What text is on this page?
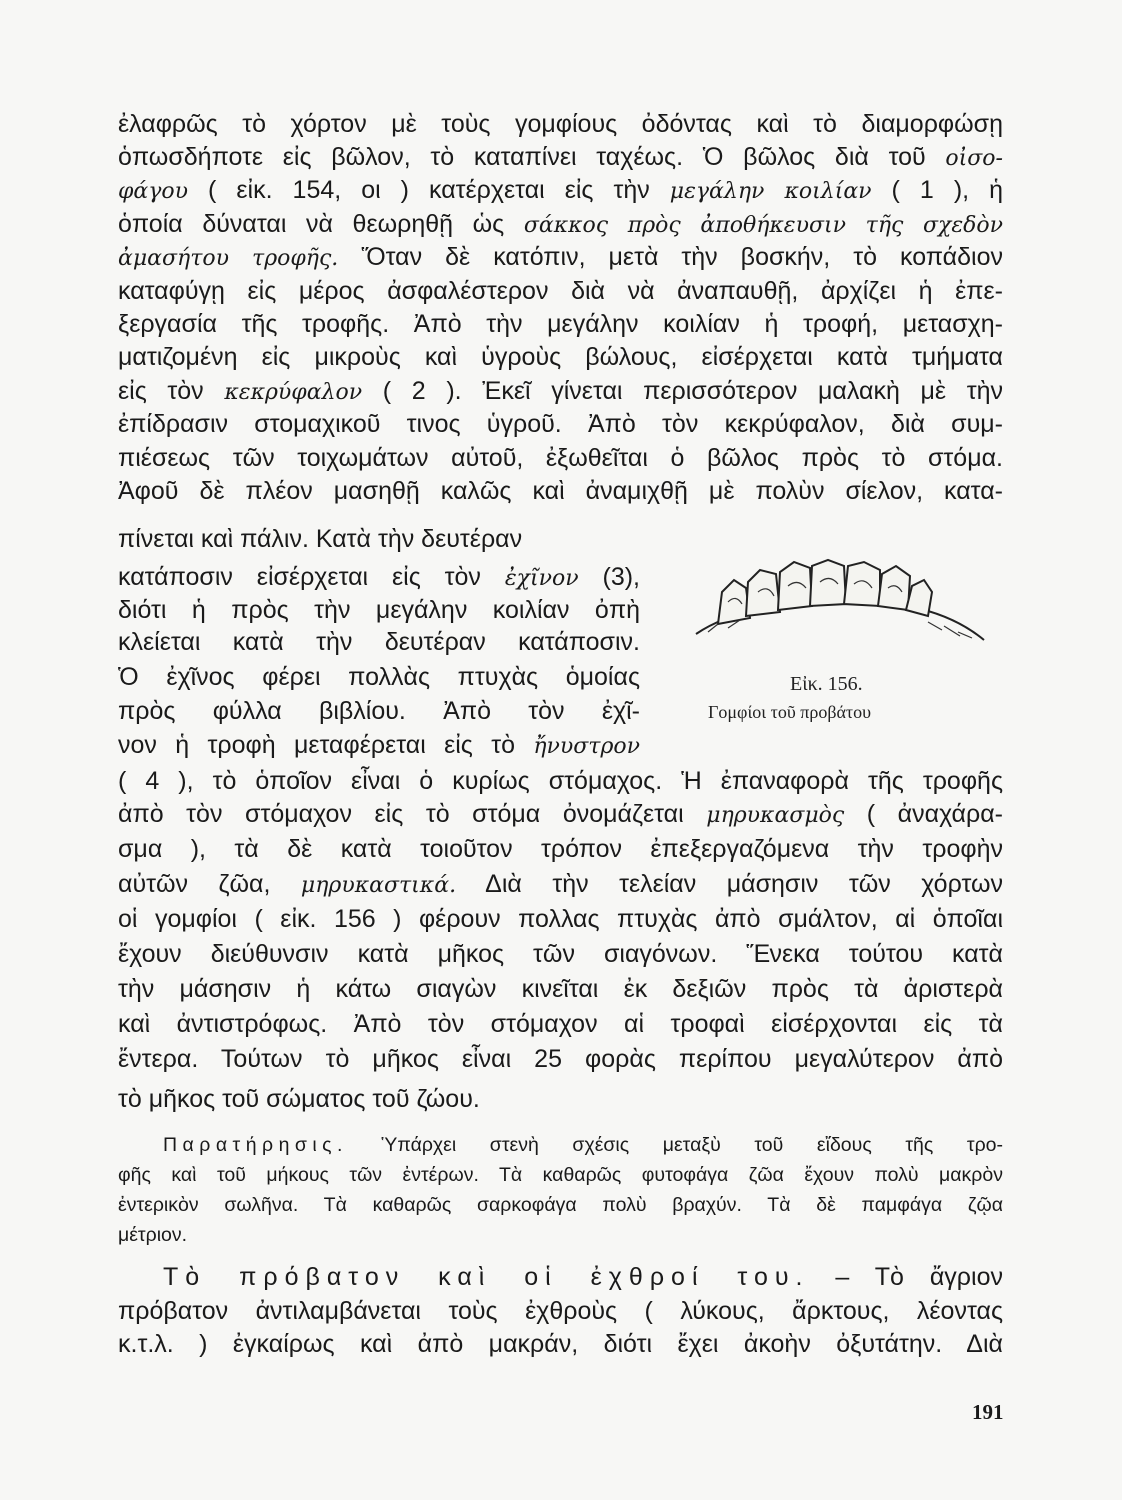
ἐλαφρῶς τὸ χόρτον μὲ τοὺς γομφίους ὀδόντας καὶ τὸ διαμορφώσῃ
ὁπωσδήποτε εἰς βῶλον, τὸ καταπίνει ταχέως. Ὁ βῶλος διὰ τοῦ οἰσο-
φάγου ( εἰκ. 154, οι ) κατέρχεται εἰς τὴν μεγάλην κοιλίαν ( 1 ), ἡ
ὁποία δύναται νὰ θεωρηθῇ ὡς σάκκος πρὸς ἀποθήκευσιν τῆς σχεδὸν
ἀμασήτου τροφῆς. Ὅταν δὲ κατόπιν, μετὰ τὴν βοσκήν, τὸ κοπάδιον
καταφύγῃ εἰς μέρος ἀσφαλέστερον διὰ νὰ ἀναπαυθῇ, ἀρχίζει ἡ ἐπε-
ξεργασία τῆς τροφῆς. Ἀπὸ τὴν μεγάλην κοιλίαν ἡ τροφή, μετασχη-
ματιζομένη εἰς μικροὺς καὶ ὑγροὺς βώλους, εἰσέρχεται κατὰ τμήματα
εἰς τὸν κεκρύφαλον ( 2 ). Ἐκεῖ γίνεται περισσότερον μαλακὴ μὲ τὴν
ἐπίδρασιν στομαχικοῦ τινος ὑγροῦ. Ἀπὸ τὸν κεκρύφαλον, διὰ συμ-
πιέσεως τῶν τοιχωμάτων αὐτοῦ, ἐξωθεῖται ὁ βῶλος πρὸς τὸ στόμα.
Ἀφοῦ δὲ πλέον μασηθῇ καλῶς καὶ ἀναμιχθῇ μὲ πολὺν σίελον, κατα-
πίνεται καὶ πάλιν. Κατὰ τὴν δευτέραν
κατάποσιν εἰσέρχεται εἰς τὸν ἐχῖνον (3),
διότι ἡ πρὸς τὴν μεγάλην κοιλίαν ὀπὴ
κλείεται κατὰ τὴν δευτέραν κατάποσιν.
Ὁ ἐχῖνος φέρει πολλὰς πτυχὰς ὁμοίας
πρὸς φύλλα βιβλίου. Ἀπὸ τὸν ἐχῖ-
νον ἡ τροφὴ μεταφέρεται εἰς τὸ ἤνυστρον
( 4 ), τὸ ὁποῖον εἶναι ὁ κυρίως στόμαχος. Ἡ ἐπαναφορὰ τῆς τροφῆς
ἀπὸ τὸν στόμαχον εἰς τὸ στόμα ὀνομάζεται μηρυκασμὸς ( ἀναχάρα-
σμα ), τὰ δὲ κατὰ τοιοῦτον τρόπον ἐπεξεργαζόμενα τὴν τροφὴν
αὐτῶν ζῶα, μηρυκαστικά. Διὰ τὴν τελείαν μάσησιν τῶν χόρτων
οἱ γομφίοι ( εἰκ. 156 ) φέρουν πολλας πτυχὰς ἀπὸ σμάλτον, αἱ ὁποῖαι
ἔχουν διεύθυνσιν κατὰ μῆκος τῶν σιαγόνων. Ἕνεκα τούτου κατὰ
τὴν μάσησιν ἡ κάτω σιαγὼν κινεῖται ἐκ δεξιῶν πρὸς τὰ ἀριστερὰ
καὶ ἀντιστρόφως. Ἀπὸ τὸν στόμαχον αἱ τροφαὶ εἰσέρχονται εἰς τὰ
ἔντερα. Τούτων τὸ μῆκος εἶναι 25 φορὰς περίπου μεγαλύτερον ἀπὸ
τὸ μῆκος τοῦ σώματος τοῦ ζώου.
Παρατήρησις. Ὑπάρχει στενὴ σχέσις μεταξὺ τοῦ εἴδους τῆς τρο-
φῆς καὶ τοῦ μήκους τῶν ἐντέρων. Τὰ καθαρῶς φυτοφάγα ζῶα ἔχουν πολὺ μακρὸν
ἐντερικὸν σωλῆνα. Τὰ καθαρῶς σαρκοφάγα πολὺ βραχύν. Τὰ δὲ παμφάγα ζῷα
μέτριον.
Τὸ πρόβατον καὶ οἱ ἐχθροί του. – Τὸ ἄγριον
πρόβατον ἀντιλαμβάνεται τοὺς ἐχθροὺς ( λύκους, ἄρκτους, λέοντας
κ.τ.λ. ) ἐγκαίρως καὶ ἀπὸ μακράν, διότι ἔχει ἀκοὴν ὀξυτάτην. Διὰ
Εἰκ. 156.
Γομφίοι τοῦ προβάτου
191
